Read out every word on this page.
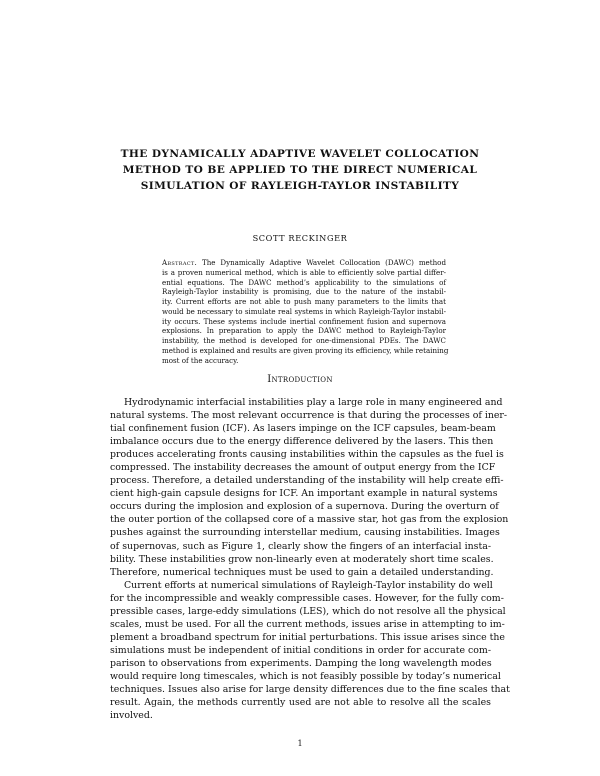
THE DYNAMICALLY ADAPTIVE WAVELET COLLOCATION
METHOD TO BE APPLIED TO THE DIRECT NUMERICAL
SIMULATION OF RAYLEIGH-TAYLOR INSTABILITY
SCOTT RECKINGER
Abstract. The Dynamically Adaptive Wavelet Collocation (DAWC) method
is a proven numerical method, which is able to efficiently solve partial differ-
ential equations. The DAWC method’s applicability to the simulations of
Rayleigh-Taylor instability is promising, due to the nature of the instabil-
ity. Current efforts are not able to push many parameters to the limits that
would be necessary to simulate real systems in which Rayleigh-Taylor instabil-
ity occurs. These systems include inertial confinement fusion and supernova
explosions. In preparation to apply the DAWC method to Rayleigh-Taylor
instability, the method is developed for one-dimensional PDEs. The DAWC
method is explained and results are given proving its efficiency, while retaining
most of the accuracy.
Introduction
Hydrodynamic interfacial instabilities play a large role in many engineered and
natural systems. The most relevant occurrence is that during the processes of iner-
tial confinement fusion (ICF). As lasers impinge on the ICF capsules, beam-beam
imbalance occurs due to the energy difference delivered by the lasers. This then
produces accelerating fronts causing instabilities within the capsules as the fuel is
compressed. The instability decreases the amount of output energy from the ICF
process. Therefore, a detailed understanding of the instability will help create effi-
cient high-gain capsule designs for ICF. An important example in natural systems
occurs during the implosion and explosion of a supernova. During the overturn of
the outer portion of the collapsed core of a massive star, hot gas from the explosion
pushes against the surrounding interstellar medium, causing instabilities. Images
of supernovas, such as Figure 1, clearly show the fingers of an interfacial insta-
bility. These instabilities grow non-linearly even at moderately short time scales.
Therefore, numerical techniques must be used to gain a detailed understanding.
Current efforts at numerical simulations of Rayleigh-Taylor instability do well
for the incompressible and weakly compressible cases. However, for the fully com-
pressible cases, large-eddy simulations (LES), which do not resolve all the physical
scales, must be used. For all the current methods, issues arise in attempting to im-
plement a broadband spectrum for initial perturbations. This issue arises since the
simulations must be independent of initial conditions in order for accurate com-
parison to observations from experiments. Damping the long wavelength modes
would require long timescales, which is not feasibly possible by today’s numerical
techniques. Issues also arise for large density differences due to the fine scales that
result. Again, the methods currently used are not able to resolve all the scales
involved.
1
